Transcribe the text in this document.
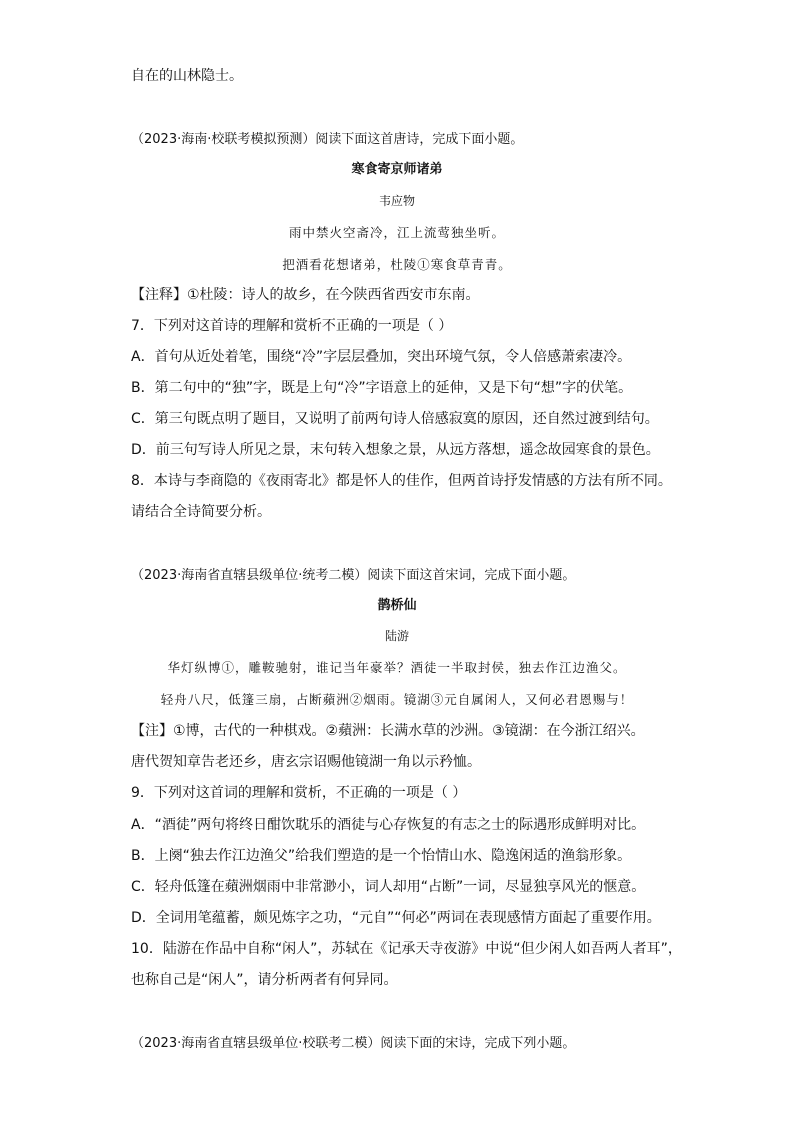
自在的山林隐士。
（2023·海南·校联考模拟预测）阅读下面这首唐诗，完成下面小题。
寒食寄京师诸弟
韦应物
雨中禁火空斋冷，江上流莺独坐听。
把酒看花想诸弟，杜陵①寒食草青青。
【注释】①杜陵：诗人的故乡，在今陕西省西安市东南。
7．下列对这首诗的理解和赏析不正确的一项是（ ）
A．首句从近处着笔，围绕“冷”字层层叠加，突出环境气氛，令人倍感萧索凄冷。
B．第二句中的“独”字，既是上句“冷”字语意上的延伸，又是下句“想”字的伏笔。
C．第三句既点明了题目，又说明了前两句诗人倍感寂寞的原因，还自然过渡到结句。
D．前三句写诗人所见之景，末句转入想象之景，从远方落想，遥念故园寒食的景色。
8．本诗与李商隐的《夜雨寄北》都是怀人的佳作，但两首诗抒发情感的方法有所不同。
请结合全诗简要分析。
（2023·海南省直辖县级单位·统考二模）阅读下面这首宋词，完成下面小题。
鹊桥仙
陆游
华灯纵博①，雕鞍驰射，谁记当年豪举？酒徒一半取封侯，独去作江边渔父。
轻舟八尺，低篷三扇，占断蘋洲②烟雨。镜湖③元自属闲人，又何必君恩赐与！
【注】①博，古代的一种棋戏。②蘋洲：长满水草的沙洲。③镜湖：在今浙江绍兴。
唐代贺知章告老还乡，唐玄宗诏赐他镜湖一角以示矜恤。
9．下列对这首词的理解和赏析，不正确的一项是（ ）
A．“酒徒”两句将终日酣饮耽乐的酒徒与心存恢复的有志之士的际遇形成鲜明对比。
B．上阕“独去作江边渔父”给我们塑造的是一个怡情山水、隐逸闲适的渔翁形象。
C．轻舟低篷在蘋洲烟雨中非常渺小，词人却用“占断”一词，尽显独享风光的惬意。
D．全词用笔蕴蓄，颇见炼字之功，“元自”“何必”两词在表现感情方面起了重要作用。
10．陆游在作品中自称“闲人”，苏轼在《记承天寺夜游》中说“但少闲人如吾两人者耳”，
也称自己是“闲人”，请分析两者有何异同。
（2023·海南省直辖县级单位·校联考二模）阅读下面的宋诗，完成下列小题。
